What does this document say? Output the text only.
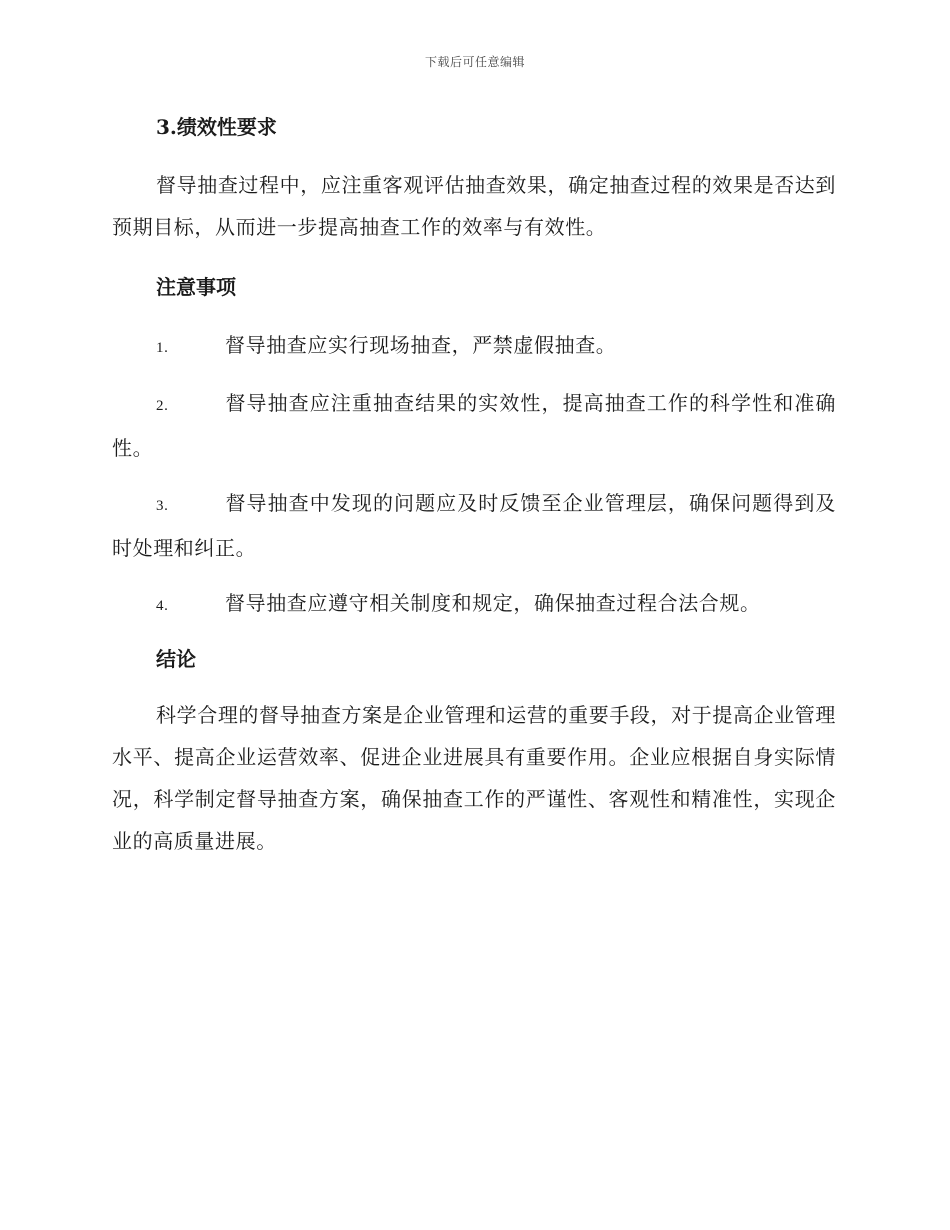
下载后可任意编辑

3.绩效性要求

督导抽查过程中，应注重客观评估抽查效果，确定抽查过程的效果是否达到预期目标，从而进一步提高抽查工作的效率与有效性。

注意事项

1.	督导抽查应实行现场抽查，严禁虚假抽查。

2.	督导抽查应注重抽查结果的实效性，提高抽查工作的科学性和准确性。

3.	督导抽查中发现的问题应及时反馈至企业管理层，确保问题得到及时处理和纠正。

4.	督导抽查应遵守相关制度和规定，确保抽查过程合法合规。

结论

科学合理的督导抽查方案是企业管理和运营的重要手段，对于提高企业管理水平、提高企业运营效率、促进企业进展具有重要作用。企业应根据自身实际情况，科学制定督导抽查方案，确保抽查工作的严谨性、客观性和精准性，实现企业的高质量进展。
